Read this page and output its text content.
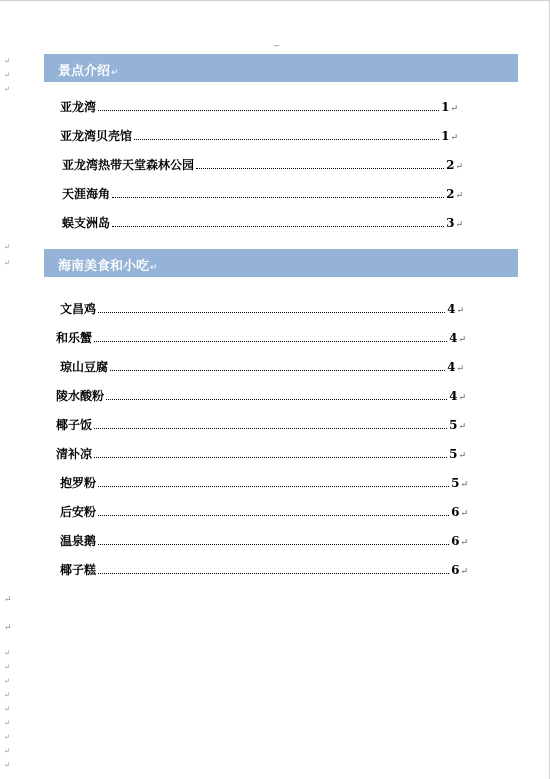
⌐
↵
↵
↵
↵
↵
↵
↵
↵
↵
↵
↵
↵
↵
↵
↵
↵
景点介绍↵
亚龙湾	1 ↵
亚龙湾贝壳馆	1 ↵
亚龙湾热带天堂森林公园	2 ↵
天涯海角	2 ↵
蜈支洲岛	3 ↵
海南美食和小吃↵
文昌鸡	4 ↵
和乐蟹	4 ↵
琼山豆腐	4 ↵
陵水酸粉	4 ↵
椰子饭	5 ↵
清补凉	5 ↵
抱罗粉	5 ↵
后安粉	6 ↵
温泉鹅	6 ↵
椰子糕	6 ↵
